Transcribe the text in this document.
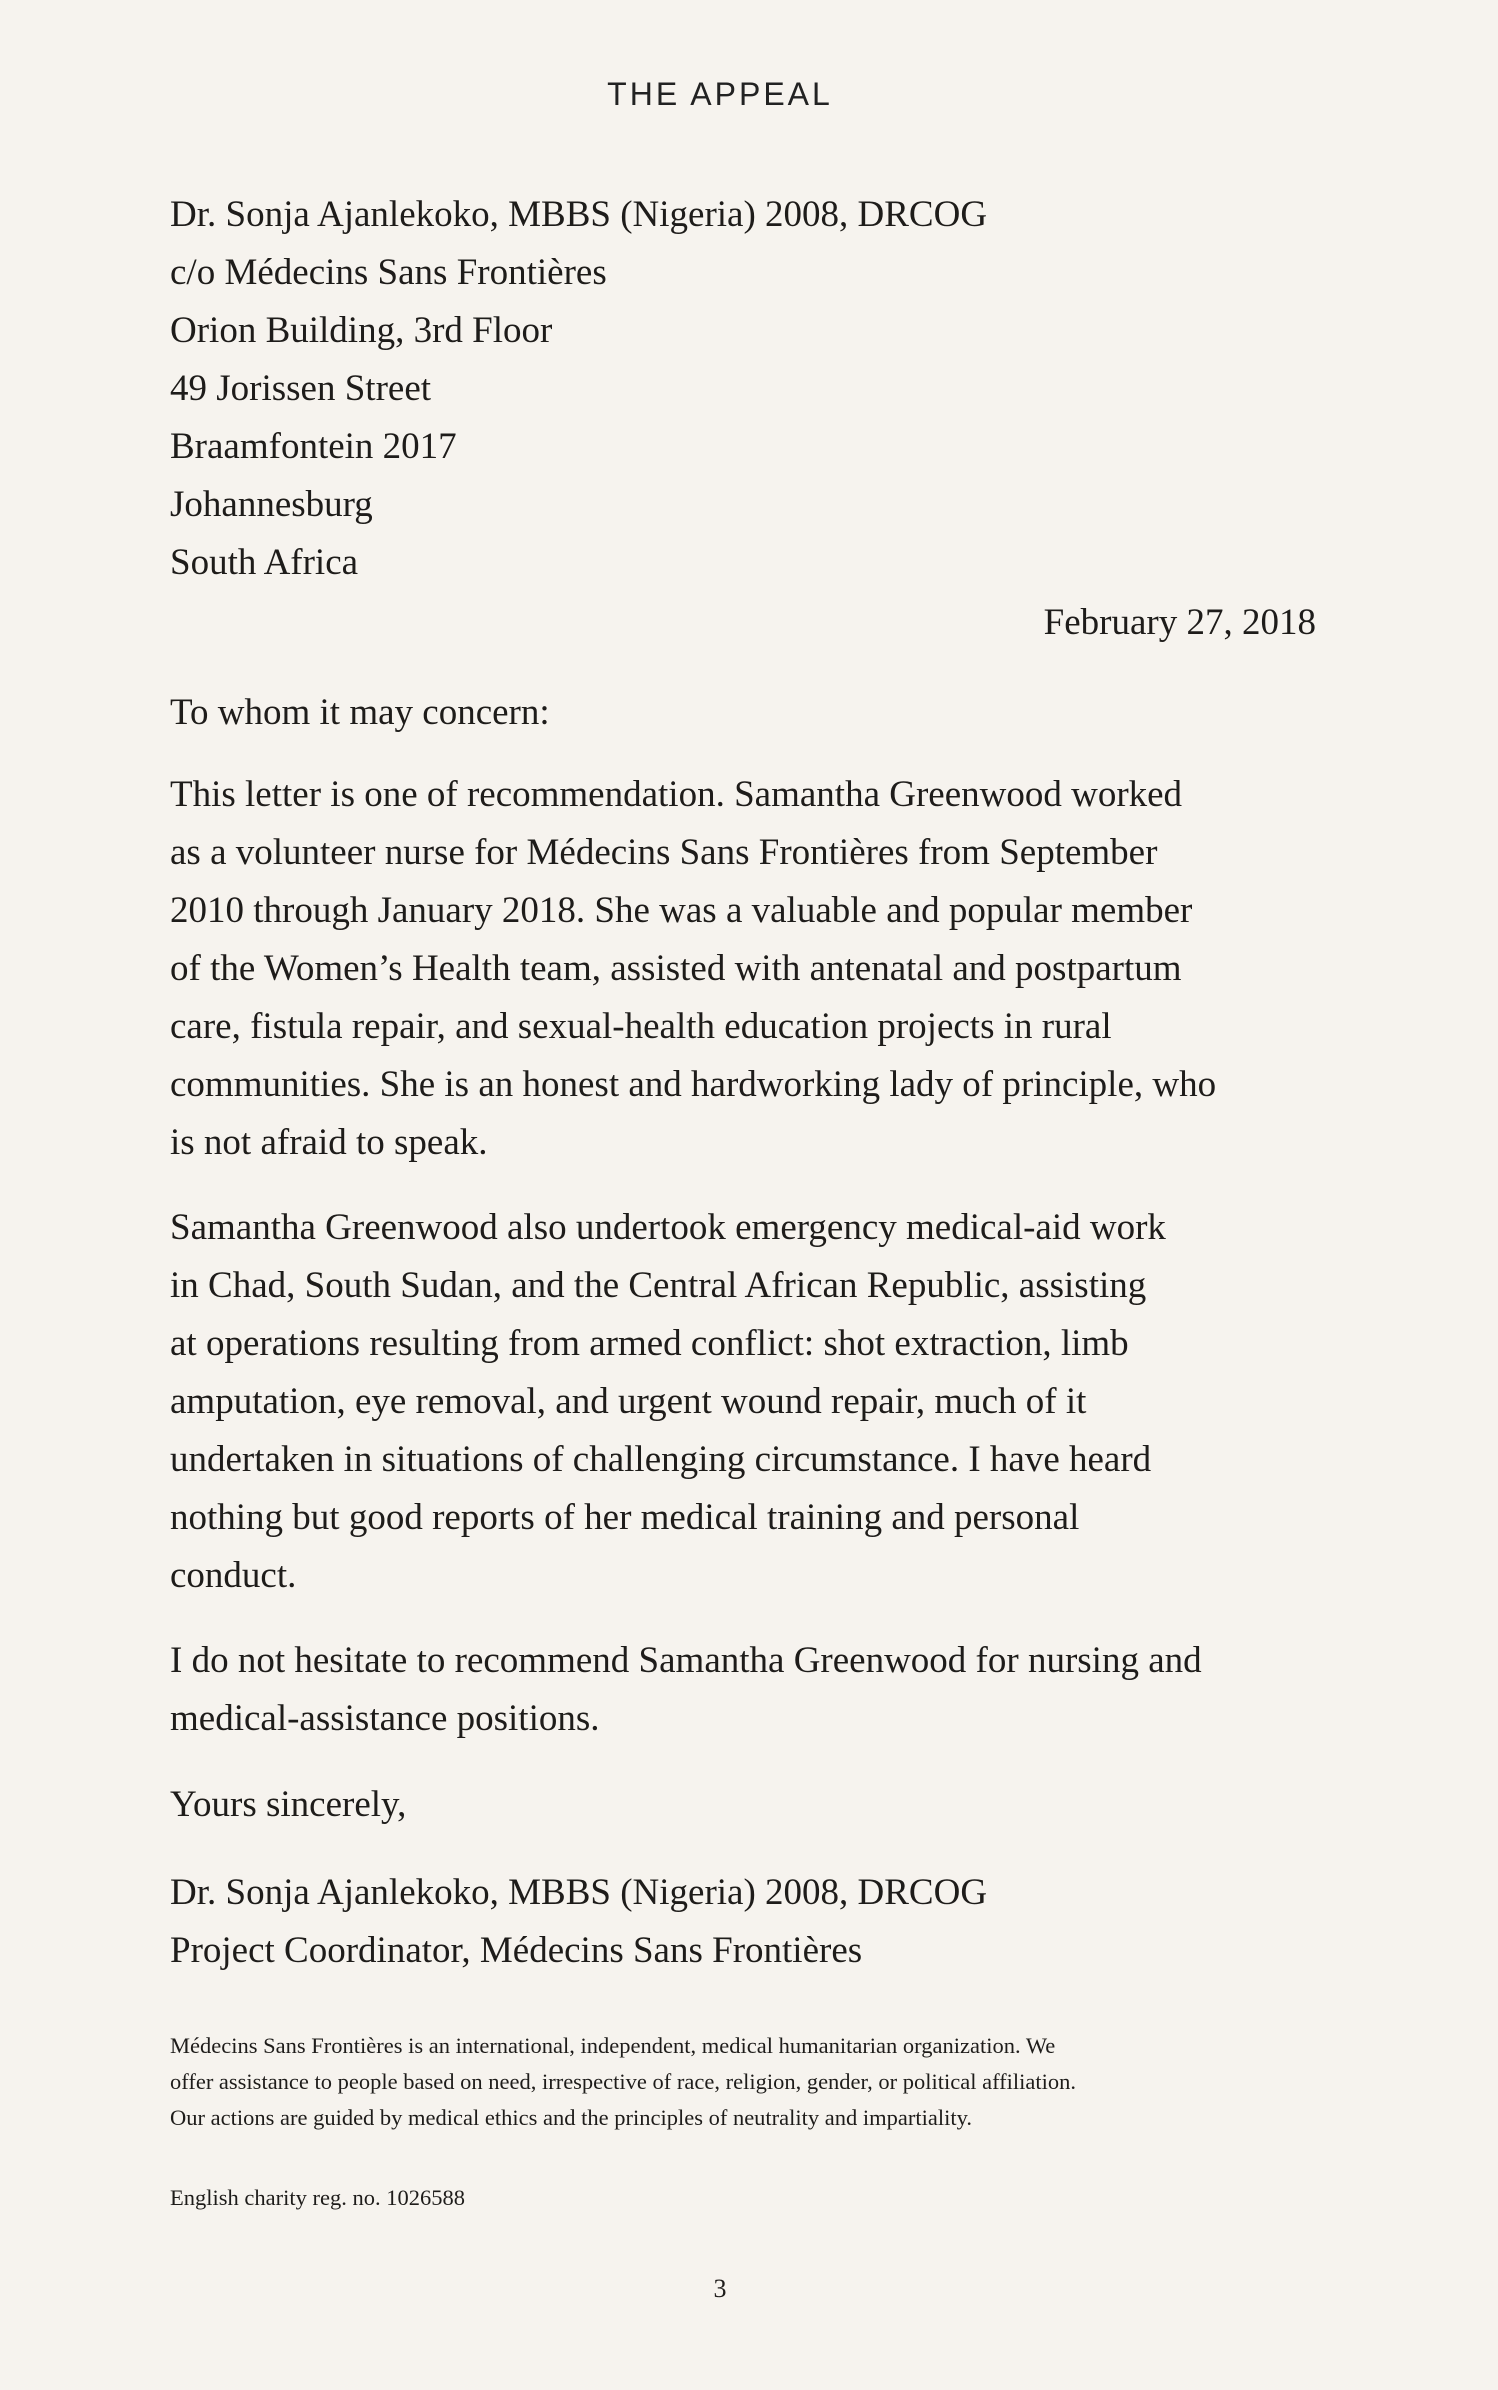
THE APPEAL
Dr. Sonja Ajanlekoko, MBBS (Nigeria) 2008, DRCOG
c/o Médecins Sans Frontières
Orion Building, 3rd Floor
49 Jorissen Street
Braamfontein 2017
Johannesburg
South Africa
February 27, 2018
To whom it may concern:
This letter is one of recommendation. Samantha Greenwood worked
as a volunteer nurse for Médecins Sans Frontières from September
2010 through January 2018. She was a valuable and popular member
of the Women’s Health team, assisted with antenatal and postpartum
care, fistula repair, and sexual-health education projects in rural
communities. She is an honest and hardworking lady of principle, who
is not afraid to speak.
Samantha Greenwood also undertook emergency medical-aid work
in Chad, South Sudan, and the Central African Republic, assisting
at operations resulting from armed conflict: shot extraction, limb
amputation, eye removal, and urgent wound repair, much of it
undertaken in situations of challenging circumstance. I have heard
nothing but good reports of her medical training and personal
conduct.
I do not hesitate to recommend Samantha Greenwood for nursing and
medical-assistance positions.
Yours sincerely,
Dr. Sonja Ajanlekoko, MBBS (Nigeria) 2008, DRCOG
Project Coordinator, Médecins Sans Frontières
Médecins Sans Frontières is an international, independent, medical humanitarian organization. We
offer assistance to people based on need, irrespective of race, religion, gender, or political affiliation.
Our actions are guided by medical ethics and the principles of neutrality and impartiality.
English charity reg. no. 1026588
3
